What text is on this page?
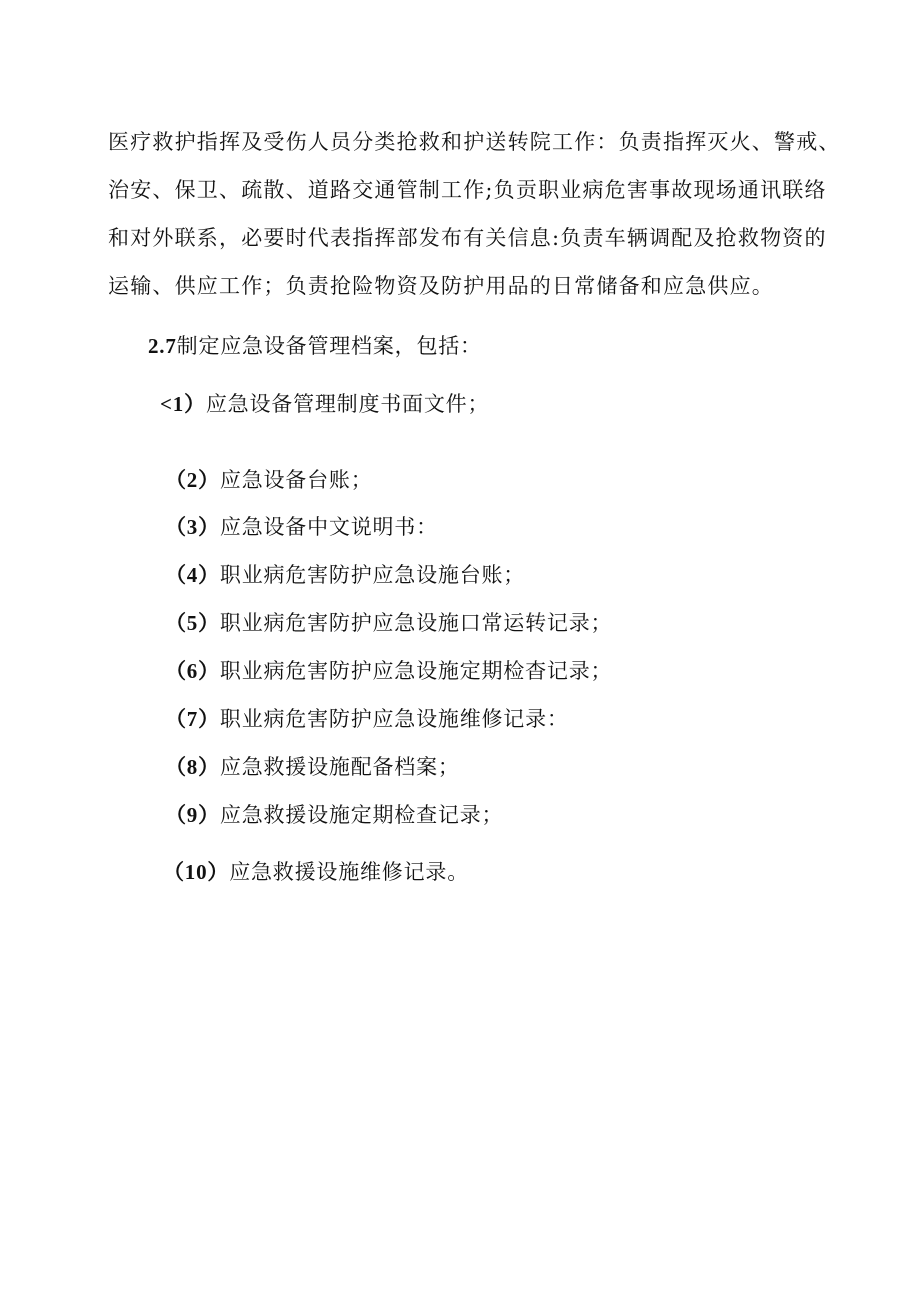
医疗救护指挥及受伤人员分类抢救和护送转院工作：负责指挥灭火、警戒、
治安、保卫、疏散、道路交通管制工作;负贡职业病危害事故现场通讯联络
和对外联系，必要时代表指挥部发布有关信息:负责车辆调配及抢救物资的
运输、供应工作；负责抢险物资及防护用品的日常储备和应急供应。
2.7制定应急设备管理档案，包括：
<1）应急设备管理制度书面文件；
（2）应急设备台账；
（3）应急设备中文说明书：
（4）职业病危害防护应急设施台账；
（5）职业病危害防护应急设施口常运转记录；
（6）职业病危害防护应急设施定期检杳记录；
（7）职业病危害防护应急设施维修记录：
（8）应急救援设施配备档案；
（9）应急救援设施定期检查记录；
（10）应急救援设施维修记录。
